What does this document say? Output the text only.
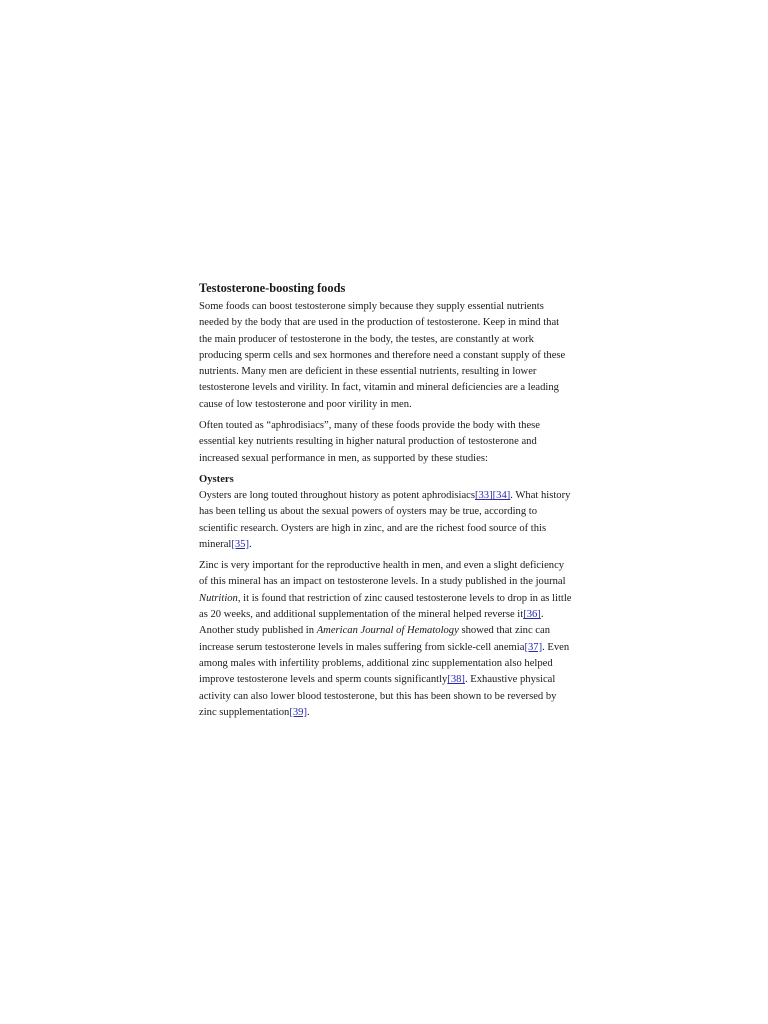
Testosterone-boosting foods

Some foods can boost testosterone simply because they supply essential nutrients needed by the body that are used in the production of testosterone. Keep in mind that the main producer of testosterone in the body, the testes, are constantly at work producing sperm cells and sex hormones and therefore need a constant supply of these nutrients. Many men are deficient in these essential nutrients, resulting in lower testosterone levels and virility. In fact, vitamin and mineral deficiencies are a leading cause of low testosterone and poor virility in men.

Often touted as “aphrodisiacs”, many of these foods provide the body with these essential key nutrients resulting in higher natural production of testosterone and increased sexual performance in men, as supported by these studies:

Oysters

Oysters are long touted throughout history as potent aphrodisiacs[33][34]. What history has been telling us about the sexual powers of oysters may be true, according to scientific research. Oysters are high in zinc, and are the richest food source of this mineral[35].

Zinc is very important for the reproductive health in men, and even a slight deficiency of this mineral has an impact on testosterone levels. In a study published in the journal Nutrition, it is found that restriction of zinc caused testosterone levels to drop in as little as 20 weeks, and additional supplementation of the mineral helped reverse it[36]. Another study published in American Journal of Hematology showed that zinc can increase serum testosterone levels in males suffering from sickle-cell anemia[37]. Even among males with infertility problems, additional zinc supplementation also helped improve testosterone levels and sperm counts significantly[38]. Exhaustive physical activity can also lower blood testosterone, but this has been shown to be reversed by zinc supplementation[39].
